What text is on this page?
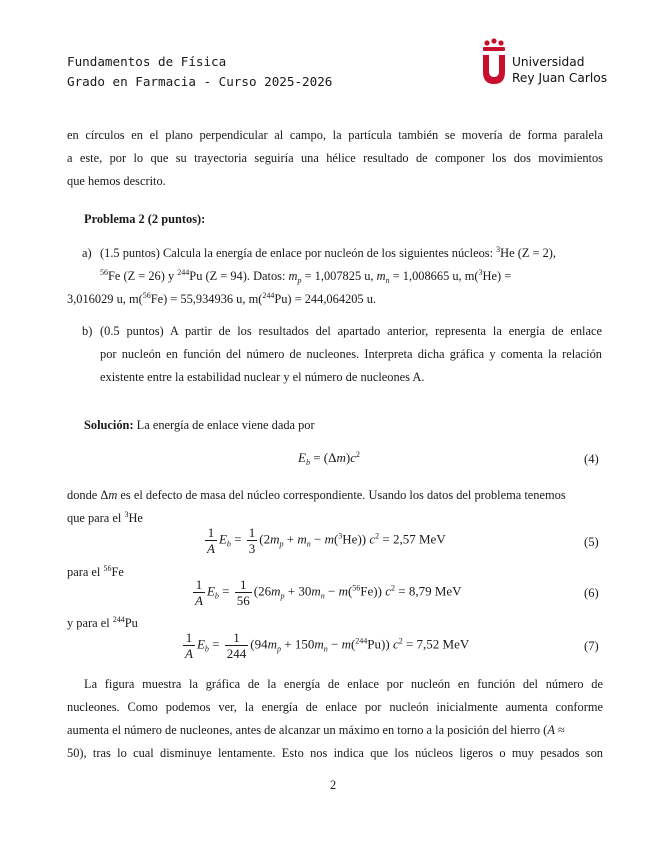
Fundamentos de Física
Grado en Farmacia - Curso 2025-2026
Universidad
Rey Juan Carlos
en círculos en el plano perpendicular al campo, la partícula también se movería de forma paralela
a este, por lo que su trayectoria seguiría una hélice resultado de componer los dos movimientos
que hemos descrito.
Problema 2 (2 puntos):
a) (1.5 puntos) Calcula la energía de enlace por nucleón de los siguientes núcleos: $^3$He (Z = 2),
$^{56}$Fe (Z = 26) y $^{244}$Pu (Z = 94). Datos: $m_p = 1,007825$ u, $m_n = 1,008665$ u, m($^3$He) =
3,016029 u, m($^{56}$Fe) = 55,934936 u, m($^{244}$Pu) = 244,064205 u.
b) (0.5 puntos) A partir de los resultados del apartado anterior, representa la energía de enlace
por nucleón en función del número de nucleones. Interpreta dicha gráfica y comenta la relación
existente entre la estabilidad nuclear y el número de nucleones A.
Solución: La energía de enlace viene dada por
$E_b = (\Delta m)c^2$	(4)
donde Δm es el defecto de masa del núcleo correspondiente. Usando los datos del problema tenemos
que para el $^3$He
$\frac{1}{A} E_b = \frac{1}{3} (2m_p + m_n - m(^3He)) c^2 = 2,57$ MeV	(5)
para el $^{56}$Fe
$\frac{1}{A} E_b = \frac{1}{56} (26m_p + 30m_n - m(^{56}Fe)) c^2 = 8,79$ MeV	(6)
y para el $^{244}$Pu
$\frac{1}{A} E_b = \frac{1}{244} (94m_p + 150m_n - m(^{244}Pu)) c^2 = 7,52$ MeV	(7)
La figura muestra la gráfica de la energía de enlace por nucleón en función del número de
nucleones. Como podemos ver, la energía de enlace por nucleón inicialmente aumenta conforme
aumenta el número de nucleones, antes de alcanzar un máximo en torno a la posición del hierro (A ≈
50), tras lo cual disminuye lentamente. Esto nos indica que los núcleos ligeros o muy pesados son
2
